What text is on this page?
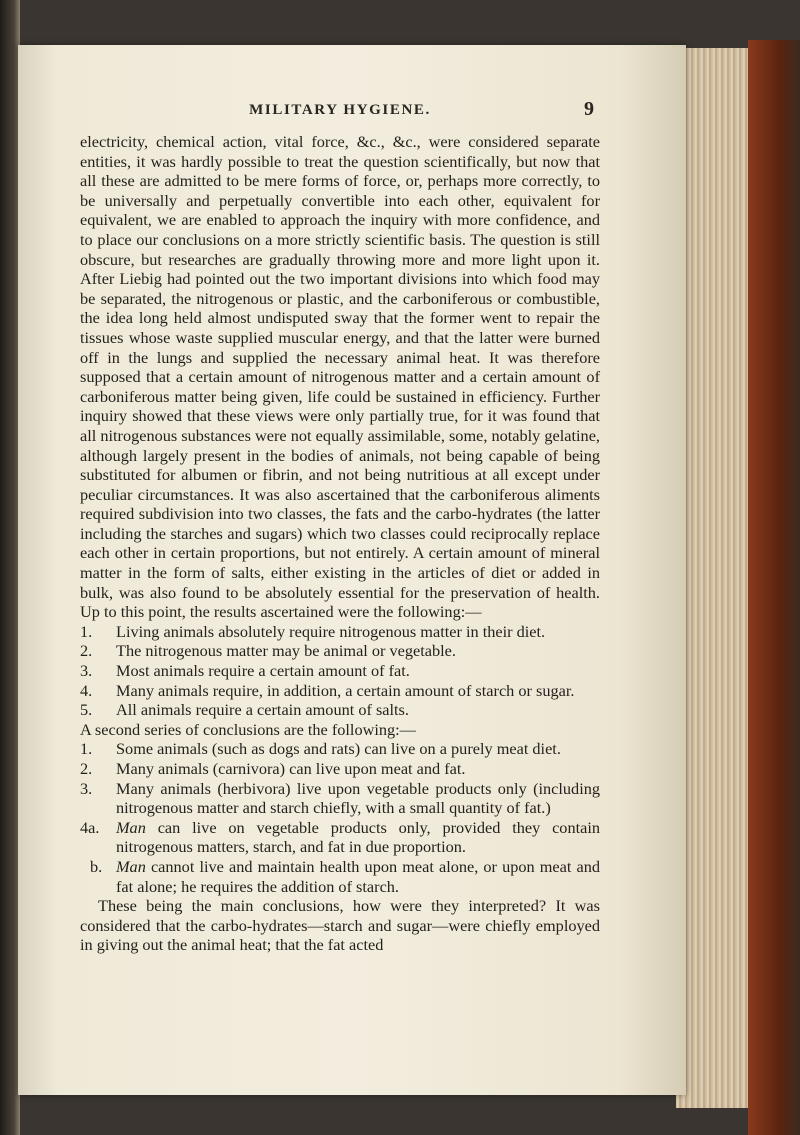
MILITARY HYGIENE.	9

electricity, chemical action, vital force, &c., &c., were considered separate entities, it was hardly possible to treat the question scientifically, but now that all these are admitted to be mere forms of force, or, perhaps more correctly, to be universally and perpetually convertible into each other, equivalent for equivalent, we are enabled to approach the inquiry with more confidence, and to place our conclusions on a more strictly scientific basis. The question is still obscure, but researches are gradually throwing more and more light upon it. After Liebig had pointed out the two important divisions into which food may be separated, the nitrogenous or plastic, and the carboniferous or combustible, the idea long held almost undisputed sway that the former went to repair the tissues whose waste supplied muscular energy, and that the latter were burned off in the lungs and supplied the necessary animal heat. It was therefore supposed that a certain amount of nitrogenous matter and a certain amount of carboniferous matter being given, life could be sustained in efficiency. Further inquiry showed that these views were only partially true, for it was found that all nitrogenous substances were not equally assimilable, some, notably gelatine, although largely present in the bodies of animals, not being capable of being substituted for albumen or fibrin, and not being nutritious at all except under peculiar circumstances. It was also ascertained that the carboniferous aliments required subdivision into two classes, the fats and the carbo-hydrates (the latter including the starches and sugars) which two classes could reciprocally replace each other in certain proportions, but not entirely. A certain amount of mineral matter in the form of salts, either existing in the articles of diet or added in bulk, was also found to be absolutely essential for the preservation of health. Up to this point, the results ascertained were the following:—

1.	Living animals absolutely require nitrogenous matter in their diet.
2.	The nitrogenous matter may be animal or vegetable.
3.	Most animals require a certain amount of fat.
4.	Many animals require, in addition, a certain amount of starch or sugar.
5.	All animals require a certain amount of salts.

A second series of conclusions are the following:—

1.	Some animals (such as dogs and rats) can live on a purely meat diet.
2.	Many animals (carnivora) can live upon meat and fat.
3.	Many animals (herbivora) live upon vegetable products only (including nitrogenous matter and starch chiefly, with a small quantity of fat.)
4a.	Man can live on vegetable products only, provided they contain nitrogenous matters, starch, and fat in due proportion.
b. Man cannot live and maintain health upon meat alone, or upon meat and fat alone; he requires the addition of starch.

These being the main conclusions, how were they interpreted? It was considered that the carbo-hydrates—starch and sugar—were chiefly employed in giving out the animal heat; that the fat acted
